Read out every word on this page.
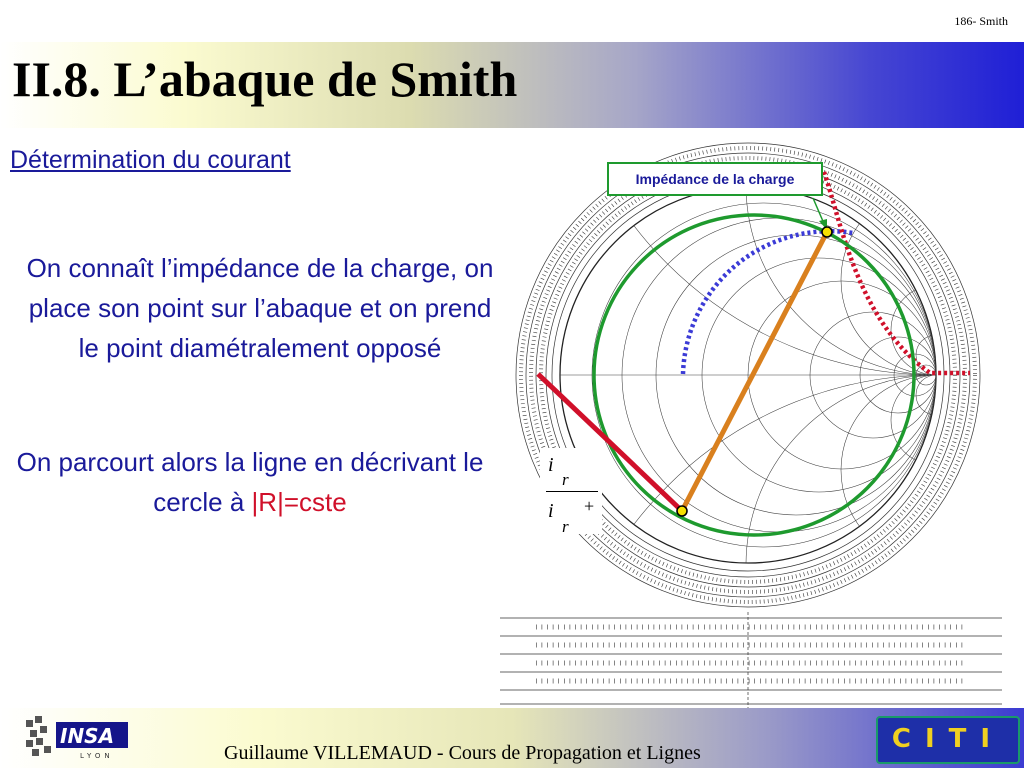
186- Smith
II.8. L’abaque de Smith
Détermination du courant
On connaît l’impédance de la charge, on place son point sur l’abaque et on prend le point diamétralement opposé
On parcourt alors la ligne en décrivant le cercle à |R|=cste
Impédance de la charge
i
r
i
r
+
INSA
LYON	Guillaume VILLEMAUD - Cours de Propagation et Lignes	CITI
